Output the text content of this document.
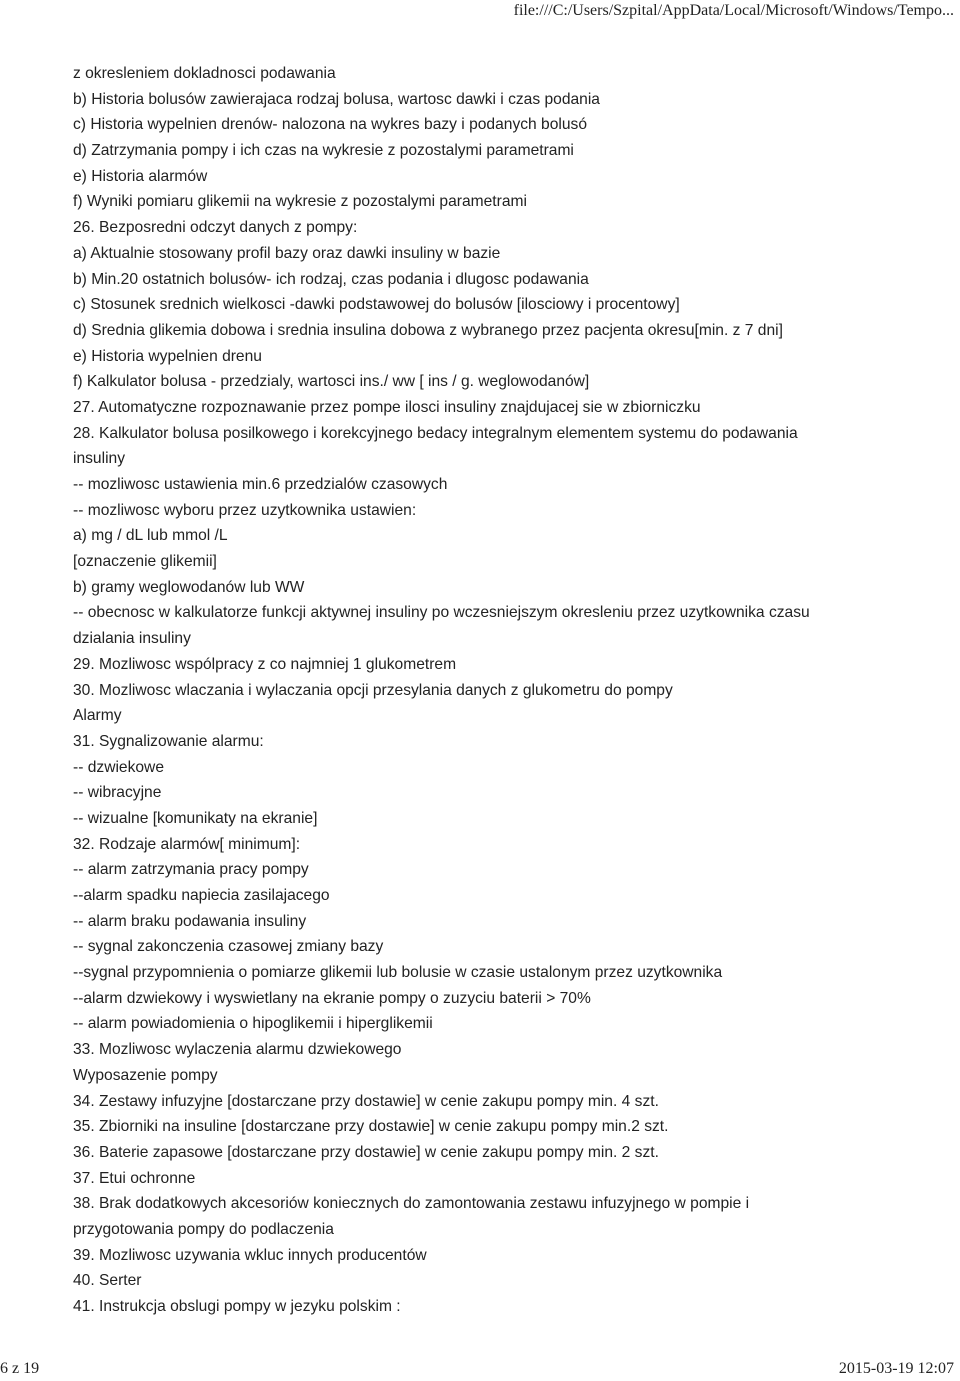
file:///C:/Users/Szpital/AppData/Local/Microsoft/Windows/Tempo...
z okresleniem dokladnosci podawania
b) Historia bolusów zawierajaca rodzaj bolusa, wartosc dawki i czas podania
c) Historia wypelnien drenów- nalozona na wykres bazy i podanych bolusó
d) Zatrzymania pompy i ich czas na wykresie z pozostalymi parametrami
e) Historia alarmów
f) Wyniki pomiaru glikemii na wykresie z pozostalymi parametrami
26. Bezposredni odczyt danych z pompy:
a) Aktualnie stosowany profil bazy oraz dawki insuliny w bazie
b) Min.20 ostatnich bolusów- ich rodzaj, czas podania i dlugosc podawania
c) Stosunek srednich wielkosci -dawki podstawowej do bolusów [ilosciowy i procentowy]
d) Srednia glikemia dobowa i srednia insulina dobowa z wybranego przez pacjenta okresu[min. z 7 dni]
e) Historia wypelnien drenu
f) Kalkulator bolusa - przedzialy, wartosci ins./ ww [ ins / g. weglowodanów]
27. Automatyczne rozpoznawanie przez pompe ilosci insuliny znajdujacej sie w zbiorniczku
28. Kalkulator bolusa posilkowego i korekcyjnego bedacy integralnym elementem systemu do podawania
insuliny
-- mozliwosc ustawienia min.6 przedzialów czasowych
-- mozliwosc wyboru przez uzytkownika ustawien:
a) mg / dL lub mmol /L
[oznaczenie glikemii]
b) gramy weglowodanów lub WW
-- obecnosc w kalkulatorze funkcji aktywnej insuliny po wczesniejszym okresleniu przez uzytkownika czasu
dzialania insuliny
29. Mozliwosc wspólpracy z co najmniej 1 glukometrem
30. Mozliwosc wlaczania i wylaczania opcji przesylania danych z glukometru do pompy
Alarmy
31. Sygnalizowanie alarmu:
-- dzwiekowe
-- wibracyjne
-- wizualne [komunikaty na ekranie]
32. Rodzaje alarmów[ minimum]:
-- alarm zatrzymania pracy pompy
--alarm spadku napiecia zasilajacego
-- alarm braku podawania insuliny
-- sygnal zakonczenia czasowej zmiany bazy
--sygnal przypomnienia o pomiarze glikemii lub bolusie w czasie ustalonym przez uzytkownika
--alarm dzwiekowy i wyswietlany na ekranie pompy o zuzyciu baterii > 70%
-- alarm powiadomienia o hipoglikemii i hiperglikemii
33. Mozliwosc wylaczenia alarmu dzwiekowego
Wyposazenie pompy
34. Zestawy infuzyjne [dostarczane przy dostawie] w cenie zakupu pompy min. 4 szt.
35. Zbiorniki na insuline [dostarczane przy dostawie] w cenie zakupu pompy min.2 szt.
36. Baterie zapasowe [dostarczane przy dostawie] w cenie zakupu pompy min. 2 szt.
37. Etui ochronne
38. Brak dodatkowych akcesoriów koniecznych do zamontowania zestawu infuzyjnego w pompie i
przygotowania pompy do podlaczenia
39. Mozliwosc uzywania wkluc innych producentów
40. Serter
41. Instrukcja obslugi pompy w jezyku polskim :
6 z 19	2015-03-19 12:07
